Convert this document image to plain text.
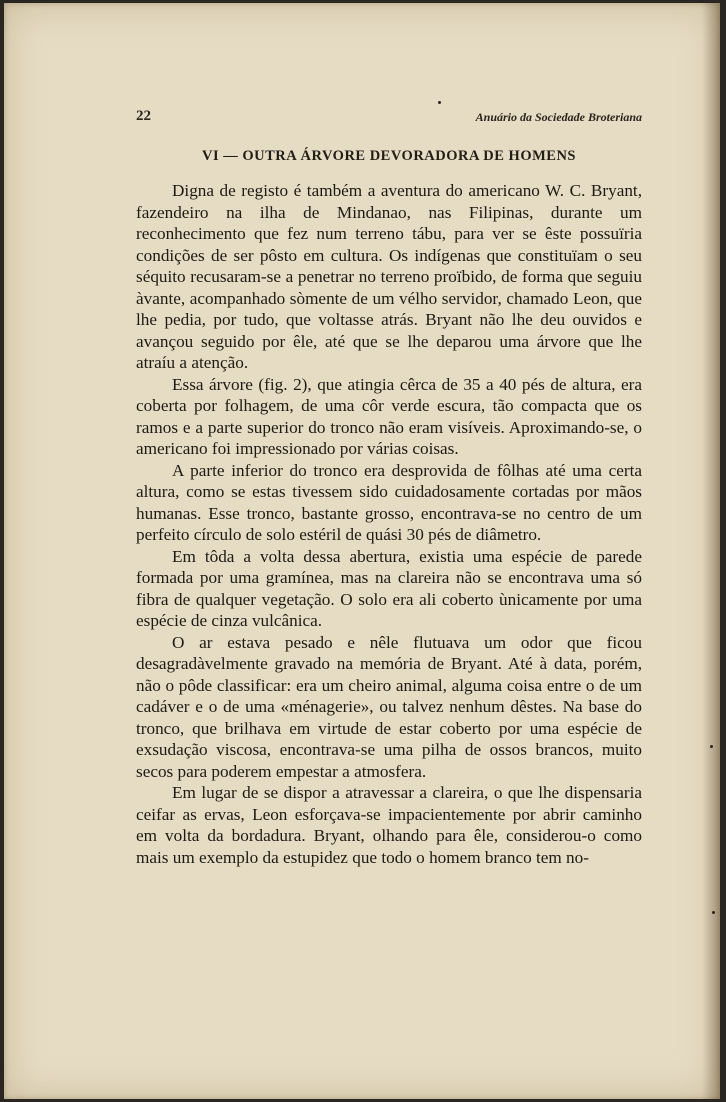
22	Anuário da Sociedade Broteriana
VI — OUTRA ÁRVORE DEVORADORA DE HOMENS

Digna de registo é também a aventura do americano W. C. Bryant, fazendeiro na ilha de Mindanao, nas Filipinas, durante um reconhecimento que fez num terreno tábu, para ver se êste possuïria condições de ser pôsto em cultura. Os indígenas que constituïam o seu séquito recusaram-se a penetrar no terreno proïbido, de forma que seguiu àvante, acompanhado sòmente de um vélho servidor, chamado Leon, que lhe pedia, por tudo, que voltasse atrás. Bryant não lhe deu ouvidos e avançou seguido por êle, até que se lhe deparou uma árvore que lhe atraíu a atenção.

Essa árvore (fig. 2), que atingia cêrca de 35 a 40 pés de altura, era coberta por folhagem, de uma côr verde escura, tão compacta que os ramos e a parte superior do tronco não eram visíveis. Aproximando-se, o americano foi impressionado por várias coisas.

A parte inferior do tronco era desprovida de fôlhas até uma certa altura, como se estas tivessem sido cuidadosamente cortadas por mãos humanas. Esse tronco, bastante grosso, encontrava-se no centro de um perfeito círculo de solo estéril de quási 30 pés de diâmetro.

Em tôda a volta dessa abertura, existia uma espécie de parede formada por uma gramínea, mas na clareira não se encontrava uma só fibra de qualquer vegetação. O solo era ali coberto ùnicamente por uma espécie de cinza vulcânica.

O ar estava pesado e nêle flutuava um odor que ficou desagradàvelmente gravado na memória de Bryant. Até à data, porém, não o pôde classificar: era um cheiro animal, alguma coisa entre o de um cadáver e o de uma «ménagerie», ou talvez nenhum dêstes. Na base do tronco, que brilhava em virtude de estar coberto por uma espécie de exsudação viscosa, encontrava-se uma pilha de ossos brancos, muito secos para poderem empestar a atmosfera.

Em lugar de se dispor a atravessar a clareira, o que lhe dispensaria ceifar as ervas, Leon esforçava-se impacientemente por abrir caminho em volta da bordadura. Bryant, olhando para êle, considerou-o como mais um exemplo da estupidez que todo o homem branco tem no-
